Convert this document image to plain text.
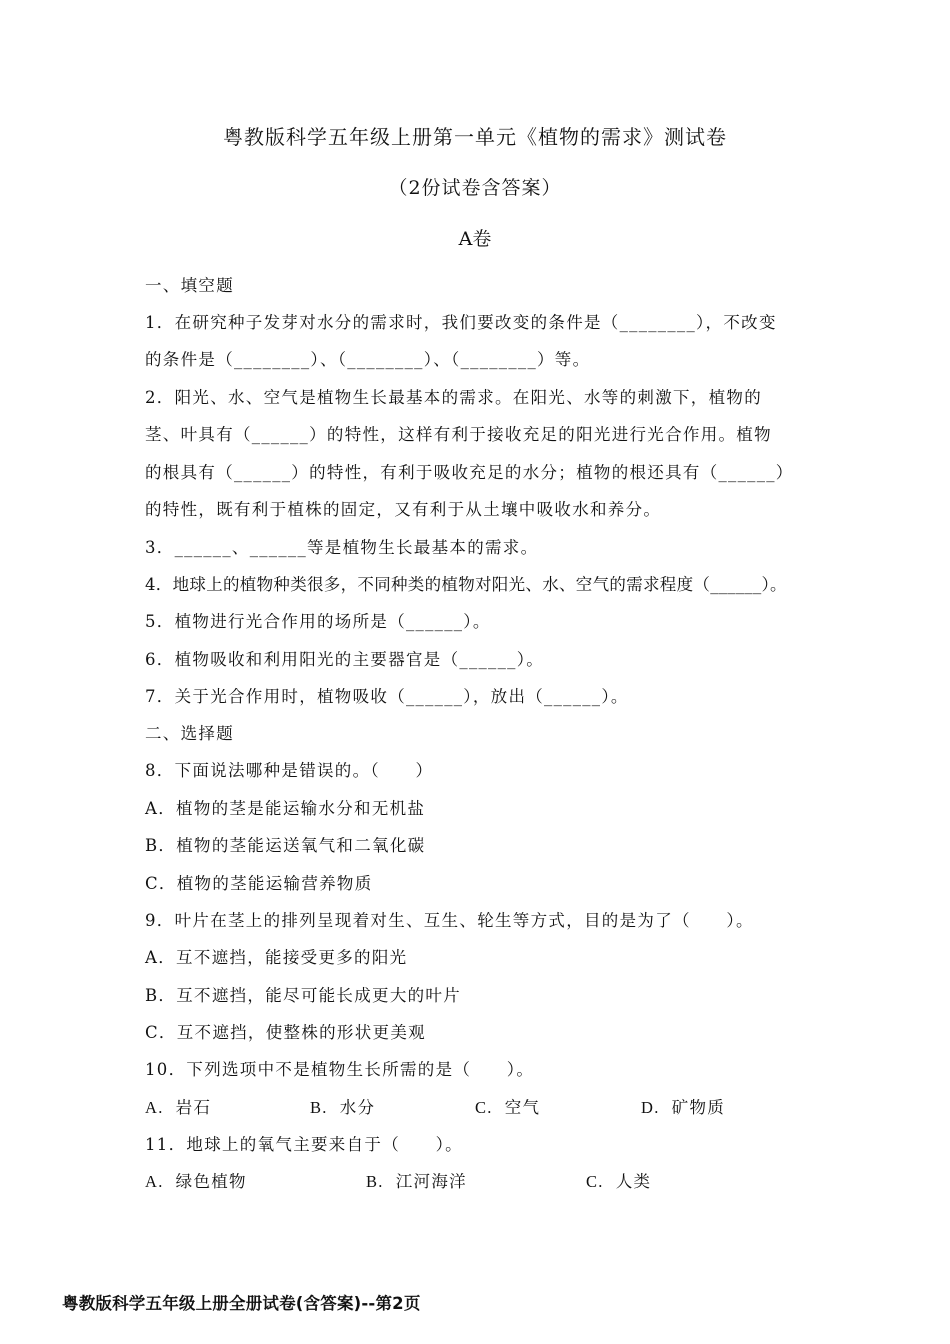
粤教版科学五年级上册第一单元《植物的需求》测试卷
（2份试卷含答案）
A卷
一、填空题
1．在研究种子发芽对水分的需求时，我们要改变的条件是（________），不改变
的条件是（________）、（________）、（________）等。
2．阳光、水、空气是植物生长最基本的需求。在阳光、水等的刺激下，植物的
茎、叶具有（______）的特性，这样有利于接收充足的阳光进行光合作用。植物
的根具有（______）的特性，有利于吸收充足的水分；植物的根还具有（______）
的特性，既有利于植株的固定，又有利于从土壤中吸收水和养分。
3．______、______等是植物生长最基本的需求。
4．地球上的植物种类很多，不同种类的植物对阳光、水、空气的需求程度（______）。
5．植物进行光合作用的场所是（______）。
6．植物吸收和利用阳光的主要器官是（______）。
7．关于光合作用时，植物吸收（______），放出（______）。
二、选择题
8．下面说法哪种是错误的。（　　）
A．植物的茎是能运输水分和无机盐
B．植物的茎能运送氧气和二氧化碳
C．植物的茎能运输营养物质
9．叶片在茎上的排列呈现着对生、互生、轮生等方式，目的是为了（　　）。
A．互不遮挡，能接受更多的阳光
B．互不遮挡，能尽可能长成更大的叶片
C．互不遮挡，使整株的形状更美观
10．下列选项中不是植物生长所需的是（　　）。
A. 岩石	B. 水分	C. 空气	D. 矿物质
11．地球上的氧气主要来自于（　　）。
A. 绿色植物	B. 江河海洋	C. 人类
粤教版科学五年级上册全册试卷(含答案)--第2页
